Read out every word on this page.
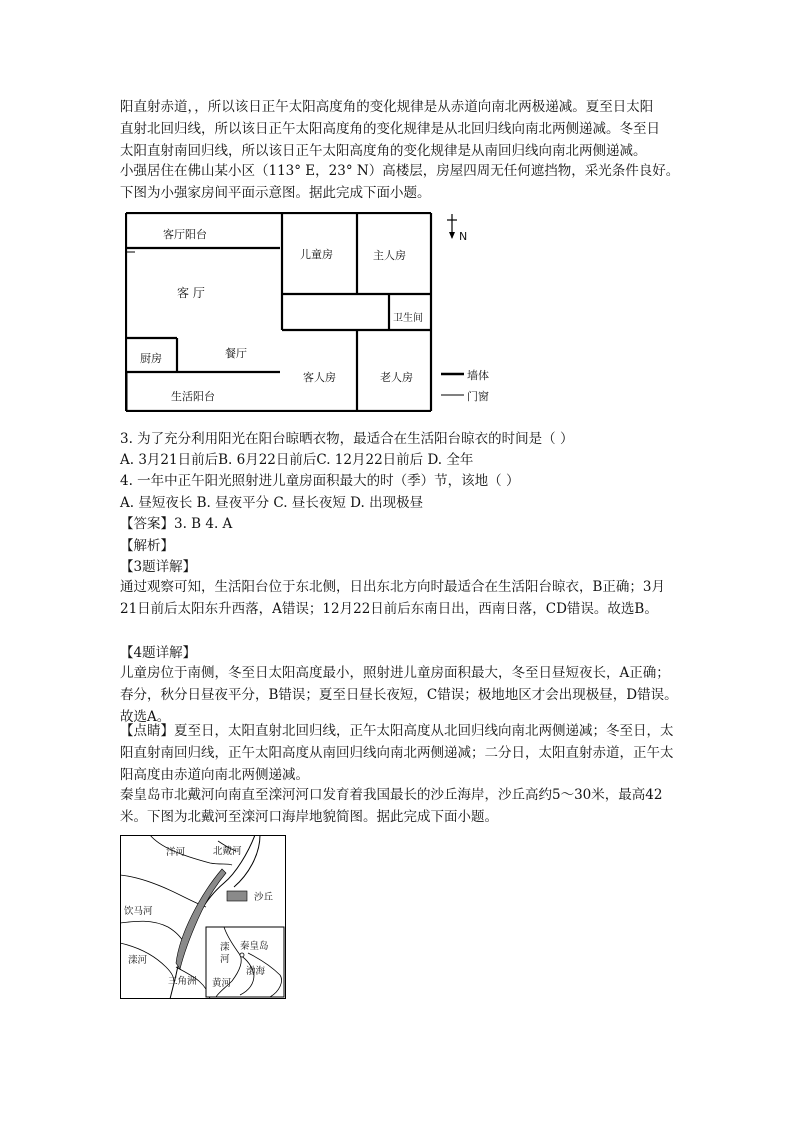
阳直射赤道，，所以该日正午太阳高度角的变化规律是从赤道向南北两极递减。夏至日太阳
直射北回归线，所以该日正午太阳高度角的变化规律是从北回归线向南北两侧递减。冬至日
太阳直射南回归线，所以该日正午太阳高度角的变化规律是从南回归线向南北两侧递减。
小强居住在佛山某小区（113° E，23° N）高楼层，房屋四周无任何遮挡物，采光条件良好。
下图为小强家房间平面示意图。据此完成下面小题。
客厅阳台
客 厅
儿童房	主人房
卫生间
厨房	餐厅
客人房	老人房
生活阳台
N
墙体
门窗
3. 为了充分利用阳光在阳台晾晒衣物，最适合在生活阳台晾衣的时间是（ ）
A. 3月21日前后B. 6月22日前后C. 12月22日前后 D. 全年
4. 一年中正午阳光照射进儿童房面积最大的时（季）节，该地（ ）
A. 昼短夜长 B. 昼夜平分 C. 昼长夜短 D. 出现极昼
【答案】3. B 4. A
【解析】
【3题详解】
通过观察可知，生活阳台位于东北侧，日出东北方向时最适合在生活阳台晾衣，B正确；3月21日前后太阳东升西落，A错误；12月22日前后东南日出，西南日落，CD错误。故选B。
【4题详解】
儿童房位于南侧，冬至日太阳高度最小，照射进儿童房面积最大，冬至日昼短夜长，A正确；春分，秋分日昼夜平分，B错误；夏至日昼长夜短，C错误；极地地区才会出现极昼，D错误。故选A。
【点睛】夏至日，太阳直射北回归线，正午太阳高度从北回归线向南北两侧递减；冬至日，太阳直射南回归线，正午太阳高度从南回归线向南北两侧递减；二分日，太阳直射赤道，正午太阳高度由赤道向南北两侧递减。
秦皇岛市北戴河向南直至滦河河口发育着我国最长的沙丘海岸，沙丘高约5～30米，最高42米。下图为北戴河至滦河口海岸地貌简图。据此完成下面小题。
洋河	北戴河
沙丘
饮马河
滦河
三角洲
滦
河
秦皇岛
渤海
黄河
